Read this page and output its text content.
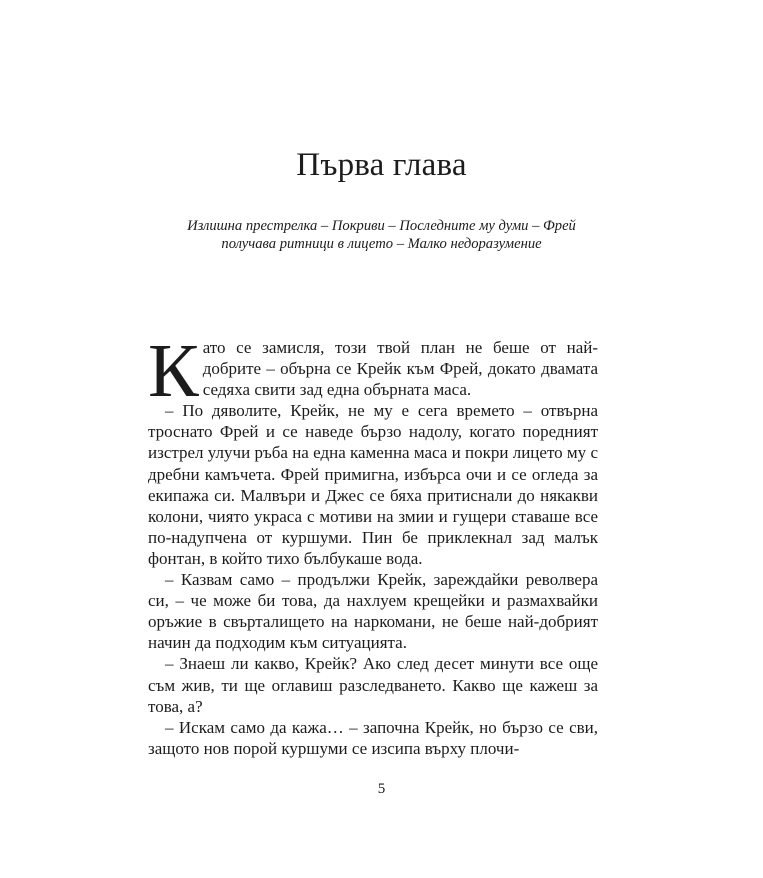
Първа глава
Излишна престрелка – Покриви – Последните му думи – Фрей
получава ритници в лицето – Малко недоразумение

Като се замисля, този твой план не беше от най-добрите – обърна се Крейк към Фрей, докато двамата седяха свити зад една обърната маса.

– По дяволите, Крейк, не му е сега времето – отвърна троснато Фрей и се наведе бързо надолу, когато поредният изстрел улучи ръба на една каменна маса и покри лицето му с дребни камъчета. Фрей примигна, избърса очи и се огледа за екипажа си. Малвъри и Джес се бяха притиснали до някакви колони, чиято украса с мотиви на змии и гущери ставаше все по-надупчена от куршуми. Пин бе приклекнал зад малък фонтан, в който тихо бълбукаше вода.

– Казвам само – продължи Крейк, зареждайки револвера си, – че може би това, да нахлуем крещейки и размахвайки оръжие в свърталището на наркомани, не беше най-добрият начин да подходим към ситуацията.

– Знаеш ли какво, Крейк? Ако след десет минути все още съм жив, ти ще оглавиш разследването. Какво ще кажеш за това, а?

– Искам само да кажа… – започна Крейк, но бързо се сви, защото нов порой куршуми се изсипа върху плочи-

5
